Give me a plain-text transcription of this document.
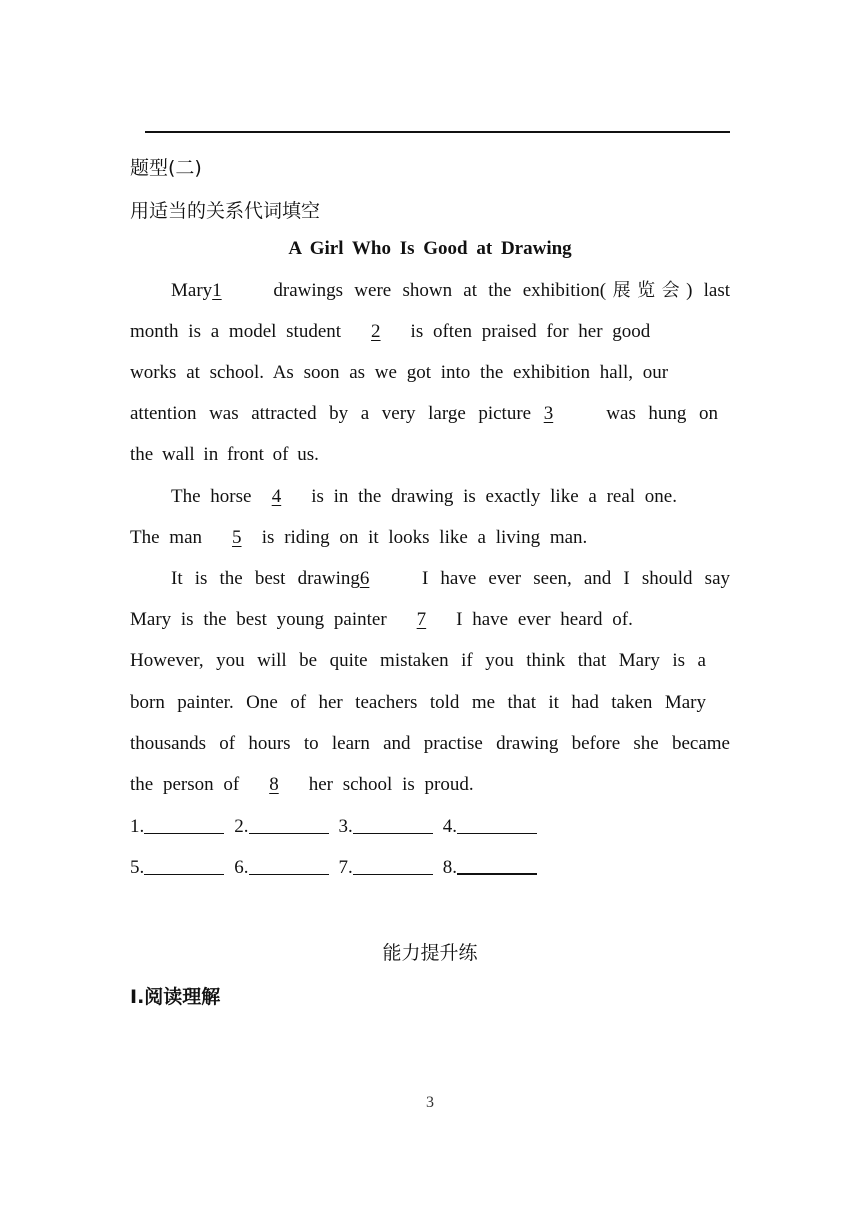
题型(二)
用适当的关系代词填空
A Girl Who Is Good at Drawing
Mary1	drawings were shown at the exhibition(展览会) last
month is a model student 2 is often praised for her good
works at school. As soon as we got into the exhibition hall, our
attention was attracted by a very large picture 3	was hung on
the wall in front of us.
The horse 4 is in the drawing is exactly like a real one.
The man 5 is riding on it looks like a living man.
It is the best drawing6	I have ever seen, and I should say
Mary is the best young painter 7 I have ever heard of.
However, you will be quite mistaken if you think that Mary is a
born painter. One of her teachers told me that it had taken Mary
thousands of hours to learn and practise drawing before she became
the person of 8 her school is proud.
1.	2.	3.	4.
5.	6.	7.	8.
能力提升练
Ⅰ.阅读理解
3
